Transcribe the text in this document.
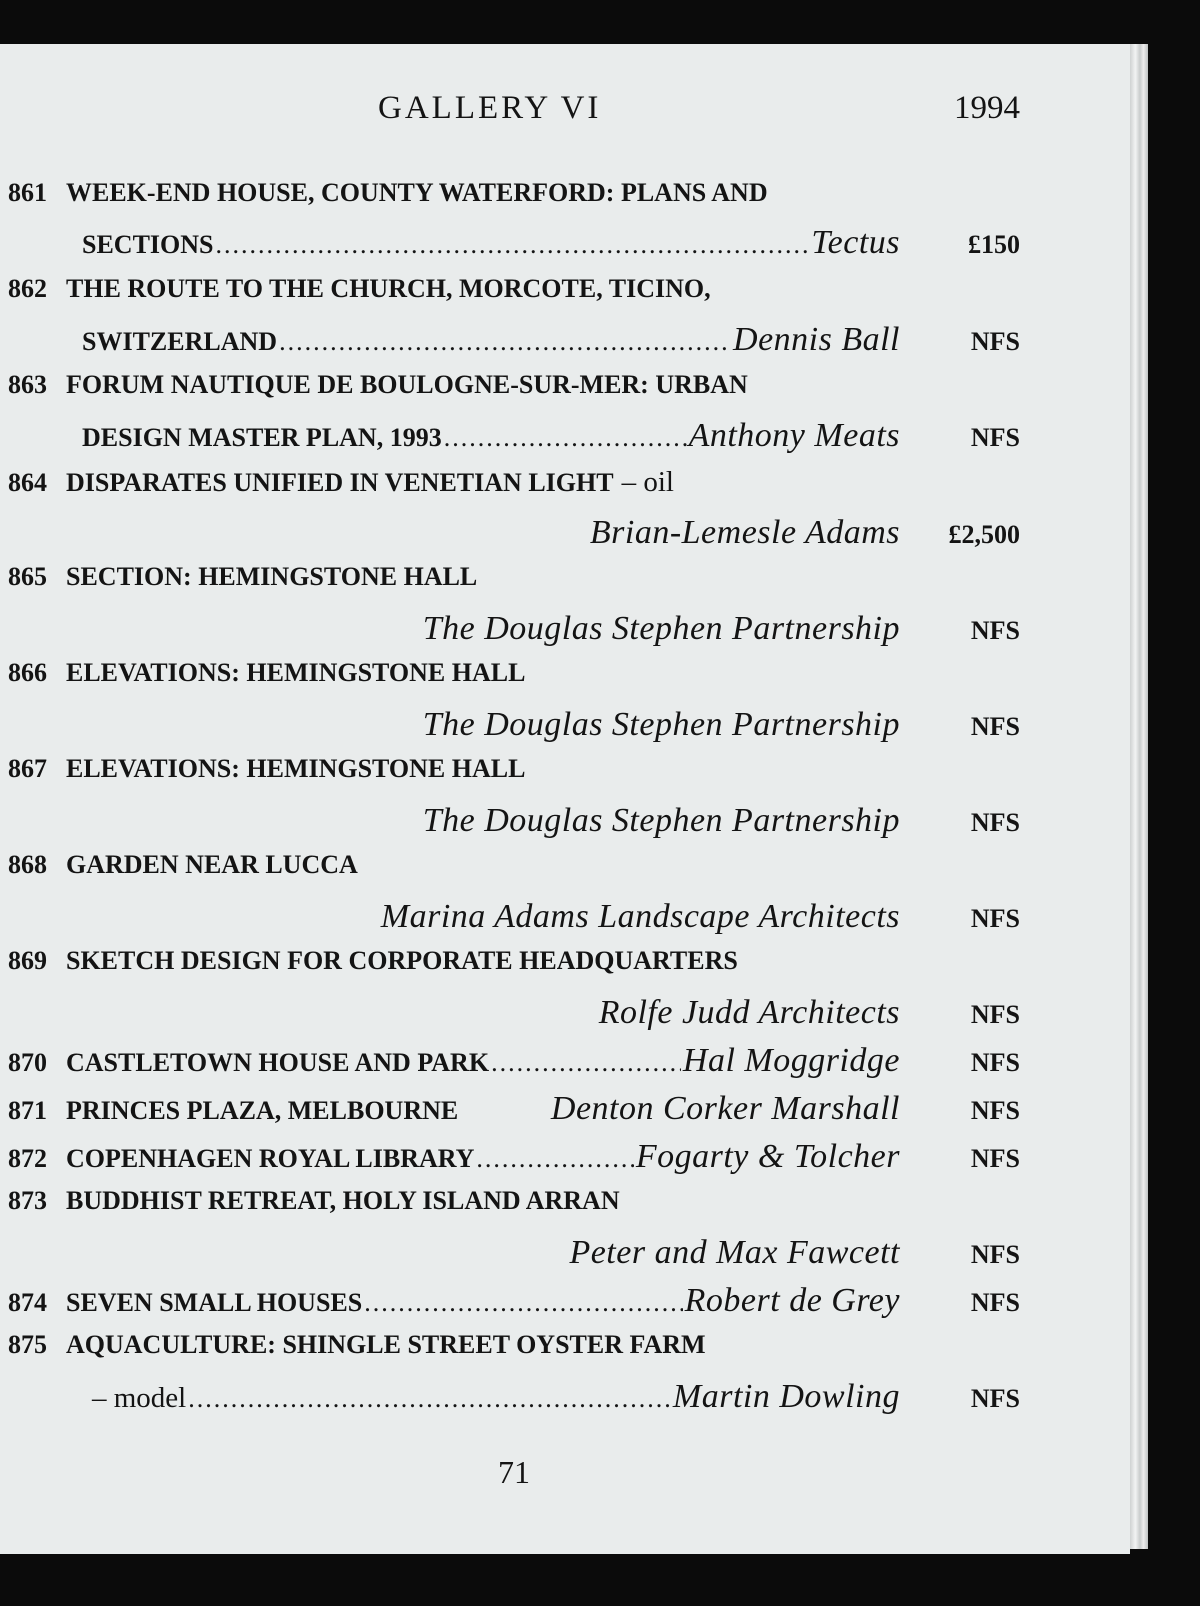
GALLERY VI	1994
861 WEEK-END HOUSE, COUNTY WATERFORD: PLANS AND
SECTIONS .....	Tectus	£150
862 THE ROUTE TO THE CHURCH, MORCOTE, TICINO,
SWITZERLAND .....	Dennis Ball	NFS
863 FORUM NAUTIQUE DE BOULOGNE-SUR-MER: URBAN
DESIGN MASTER PLAN, 1993 .....	Anthony Meats	NFS
864 DISPARATES UNIFIED IN VENETIAN LIGHT – oil
Brian-Lemesle Adams	£2,500
865 SECTION: HEMINGSTONE HALL
The Douglas Stephen Partnership	NFS
866 ELEVATIONS: HEMINGSTONE HALL
The Douglas Stephen Partnership	NFS
867 ELEVATIONS: HEMINGSTONE HALL
The Douglas Stephen Partnership	NFS
868 GARDEN NEAR LUCCA
Marina Adams Landscape Architects	NFS
869 SKETCH DESIGN FOR CORPORATE HEADQUARTERS
Rolfe Judd Architects	NFS
870 CASTLETOWN HOUSE AND PARK .....	Hal Moggridge	NFS
871 PRINCES PLAZA, MELBOURNE	Denton Corker Marshall	NFS
872 COPENHAGEN ROYAL LIBRARY .....	Fogarty & Tolcher	NFS
873 BUDDHIST RETREAT, HOLY ISLAND ARRAN
Peter and Max Fawcett	NFS
874 SEVEN SMALL HOUSES .....	Robert de Grey	NFS
875 AQUACULTURE: SHINGLE STREET OYSTER FARM
– model .....	Martin Dowling	NFS
71
